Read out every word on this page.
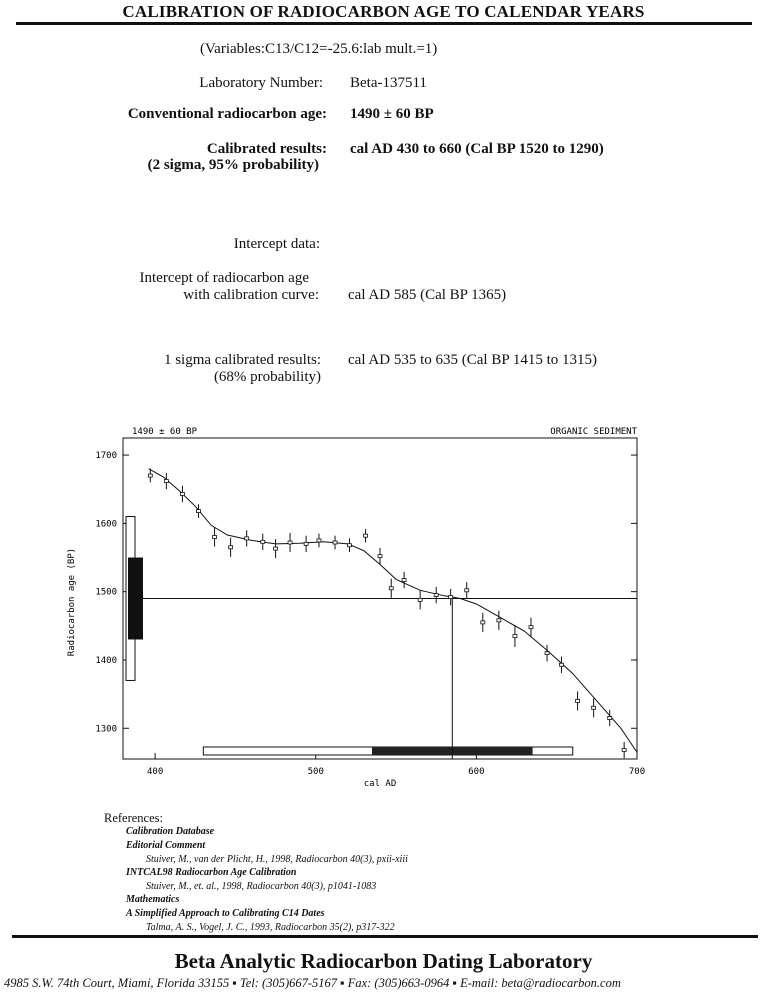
CALIBRATION OF RADIOCARBON AGE TO CALENDAR YEARS
(Variables:C13/C12=-25.6:lab mult.=1)
Laboratory Number: Beta-137511
Conventional radiocarbon age: 1490 ± 60 BP
Calibrated results:
(2 sigma, 95% probability)
cal AD 430 to 660 (Cal BP 1520 to 1290)
Intercept data:
Intercept of radiocarbon age
with calibration curve: cal AD 585 (Cal BP 1365)
1 sigma calibrated results:
(68% probability)
cal AD 535 to 635 (Cal BP 1415 to 1315)
1490 ± 60 BP	ORGANIC SEDIMENT
1300
1400
1500
1600
1700
400	500	600	700
cal AD
Radiocarbon age (BP)
References:
Calibration Database
Editorial Comment
Stuiver, M., van der Plicht, H., 1998, Radiocarbon 40(3), pxii-xiii
INTCAL98 Radiocarbon Age Calibration
Stuiver, M., et. al., 1998, Radiocarbon 40(3), p1041-1083
Mathematics
A Simplified Approach to Calibrating C14 Dates
Talma, A. S., Vogel, J. C., 1993, Radiocarbon 35(2), p317-322
Beta Analytic Radiocarbon Dating Laboratory
4985 S.W. 74th Court, Miami, Florida 33155 ▪ Tel: (305)667-5167 ▪ Fax: (305)663-0964 ▪ E-mail: beta@radiocarbon.com
